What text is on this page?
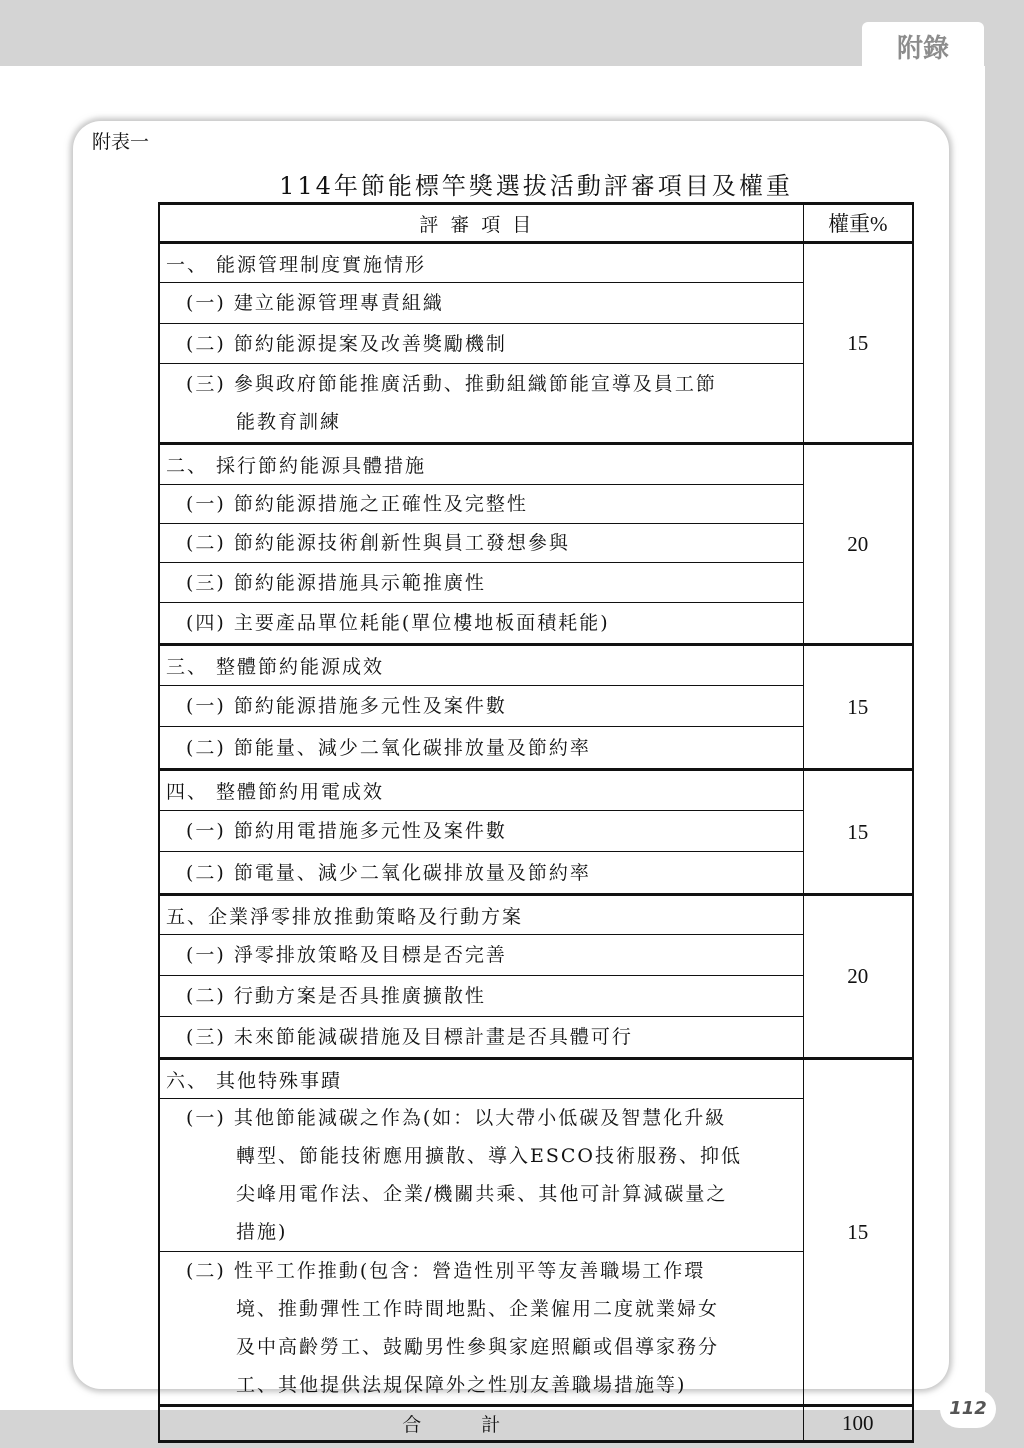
附錄
附表一
114年節能標竿獎選拔活動評審項目及權重
評審項目	權重%
一、 能源管理制度實施情形	15
(一) 建立能源管理專責組織	
(二) 節約能源提案及改善獎勵機制	
(三) 參與政府節能推廣活動、推動組織節能宣導及員工節
能教育訓練	

二、 採行節約能源具體措施	20
(一) 節約能源措施之正確性及完整性	
(二) 節約能源技術創新性與員工發想參與	
(三) 節約能源措施具示範推廣性	
(四) 主要產品單位耗能(單位樓地板面積耗能)	
三、 整體節約能源成效	15
(一) 節約能源措施多元性及案件數	
(二) 節能量、減少二氧化碳排放量及節約率	
四、 整體節約用電成效	15
(一) 節約用電措施多元性及案件數	
(二) 節電量、減少二氧化碳排放量及節約率	
五、企業淨零排放推動策略及行動方案	20
(一) 淨零排放策略及目標是否完善	
(二) 行動方案是否具推廣擴散性	
(三) 未來節能減碳措施及目標計畫是否具體可行	
六、 其他特殊事蹟	15
(一) 其他節能減碳之作為(如：以大帶小低碳及智慧化升級
轉型、節能技術應用擴散、導入ESCO技術服務、抑低
尖峰用電作法、企業/機關共乘、其他可計算減碳量之
措施)	

(二) 性平工作推動(包含：營造性別平等友善職場工作環
境、推動彈性工作時間地點、企業僱用二度就業婦女
及中高齡勞工、鼓勵男性參與家庭照顧或倡導家務分
工、其他提供法規保障外之性別友善職場措施等)	

合計	100
112
